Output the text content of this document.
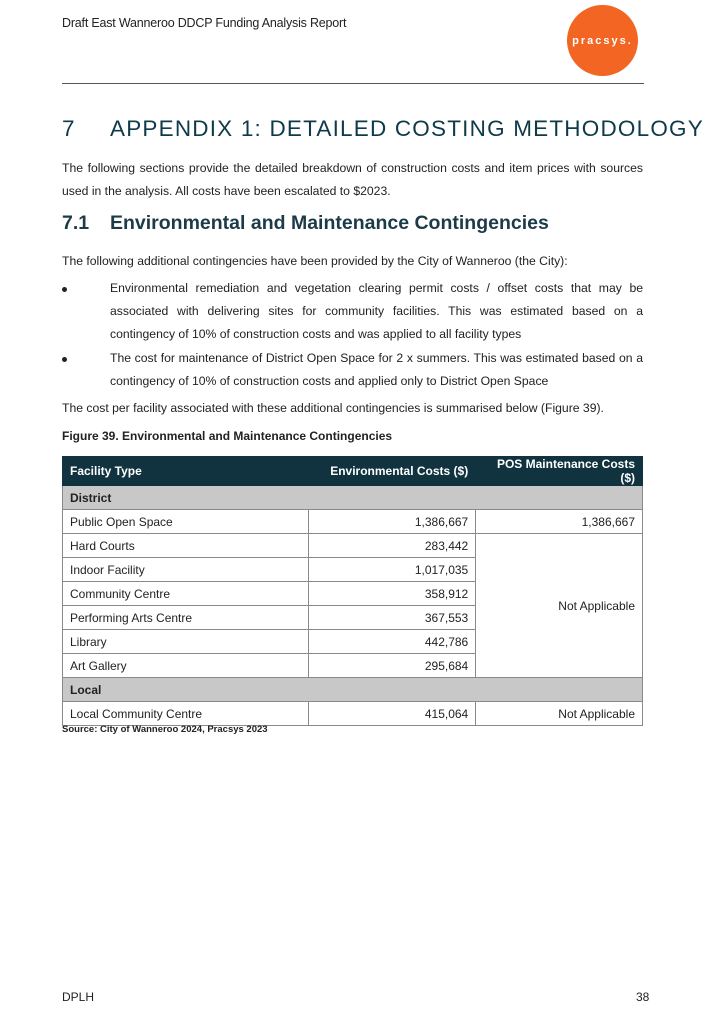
Draft East Wanneroo DDCP Funding Analysis Report
pracsys.
7 APPENDIX 1: DETAILED COSTING METHODOLOGY

The following sections provide the detailed breakdown of construction costs and item prices with sources used in the analysis. All costs have been escalated to $2023.

7.1 Environmental and Maintenance Contingencies

The following additional contingencies have been provided by the City of Wanneroo (the City):

Environmental remediation and vegetation clearing permit costs / offset costs that may be associated with delivering sites for community facilities. This was estimated based on a contingency of 10% of construction costs and was applied to all facility types
The cost for maintenance of District Open Space for 2 x summers. This was estimated based on a contingency of 10% of construction costs and applied only to District Open Space

The cost per facility associated with these additional contingencies is summarised below (Figure 39).

Figure 39. Environmental and Maintenance Contingencies
Facility Type	Environmental Costs ($)	POS Maintenance Costs ($)
District		
Public Open Space	1,386,667	1,386,667
Hard Courts	283,442	Not Applicable
Indoor Facility	1,017,035	
Community Centre	358,912	
Performing Arts Centre	367,553	
Library	442,786	
Art Gallery	295,684	
Local		
Local Community Centre	415,064	Not Applicable
Source: City of Wanneroo 2024, Pracsys 2023
DPLH	38
